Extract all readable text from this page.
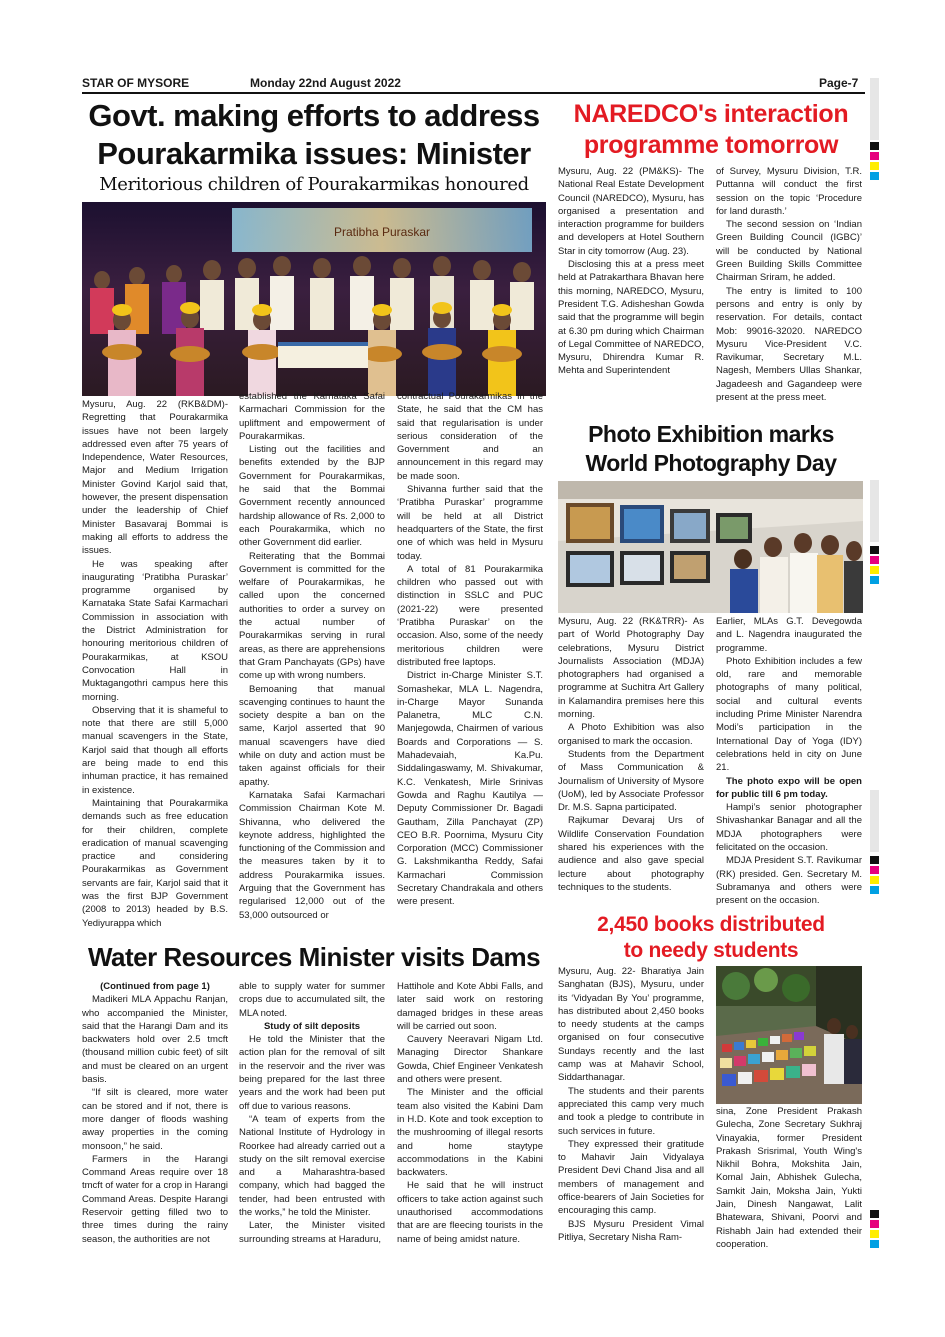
STAR OF MYSORE	Monday 22nd August 2022	Page-7
Govt. making efforts to address
Pourakarmika issues: Minister
Meritorious children of Pourakarmikas honoured
Pratibha Puraskar

Mysuru, Aug. 22 (RKB&DM)- Regretting that Pourakarmika issues have not been largely addressed even after 75 years of Independence, Water Resources, Major and Medium Irrigation Minister Govind Karjol said that, however, the present dispensation under the leadership of Chief Minister Basavaraj Bommai is making all efforts to address the issues.

He was speaking after inaugurating ‘Pratibha Puraskar’ programme organised by Karnataka State Safai Karmachari Commission in association with the District Administration for honouring meritorious children of Pourakarmikas, at KSOU Convocation Hall in Muktagangothri campus here this morning.

Observing that it is shameful to note that there are still 5,000 manual scavengers in the State, Karjol said that though all efforts are being made to end this inhuman practice, it has remained in existence.

Maintaining that Pourakarmika demands such as free education for their children, complete eradication of manual scavenging practice and considering Pourakarmikas as Government servants are fair, Karjol said that it was the first BJP Government (2008 to 2013) headed by B.S. Yediyurappa which

established the Karnataka Safai Karmachari Commission for the upliftment and empowerment of Pourakarmikas.

Listing out the facilities and benefits extended by the BJP Government for Pourakarmikas, he said that the Bommai Government recently announced hardship allowance of Rs. 2,000 to each Pourakarmika, which no other Government did earlier.

Reiterating that the Bommai Government is committed for the welfare of Pourakarmikas, he called upon the concerned authorities to order a survey on the actual number of Pourakarmikas serving in rural areas, as there are apprehensions that Gram Panchayats (GPs) have come up with wrong numbers.

Bemoaning that manual scavenging continues to haunt the society despite a ban on the same, Karjol asserted that 90 manual scavengers have died while on duty and action must be taken against officials for their apathy.

Karnataka Safai Karmachari Commission Chairman Kote M. Shivanna, who delivered the keynote address, highlighted the functioning of the Commission and the measures taken by it to address Pourakarmika issues. Arguing that the Government has regularised 12,000 out of the 53,000 outsourced or

contractual Pourakarmikas in the State, he said that the CM has said that regularisation is under serious consideration of the Government and an announcement in this regard may be made soon.

Shivanna further said that the ‘Pratibha Puraskar’ programme will be held at all District headquarters of the State, the first one of which was held in Mysuru today.

A total of 81 Pourakarmika children who passed out with distinction in SSLC and PUC (2021-22) were presented ‘Pratibha Puraskar’ on the occasion. Also, some of the needy meritorious children were distributed free laptops.

District in-Charge Minister S.T. Somashekar, MLA L. Nagendra, in-Charge Mayor Sunanda Palanetra, MLC C.N. Manjegowda, Chairmen of various Boards and Corporations — S. Mahadevaiah, Ka.Pu. Siddalingaswamy, M. Shivakumar, K.C. Venkatesh, Mirle Srinivas Gowda and Raghu Kautilya —Deputy Commissioner Dr. Bagadi Gautham, Zilla Panchayat (ZP) CEO B.R. Poornima, Mysuru City Corporation (MCC) Commissioner G. Lakshmikantha Reddy, Safai Karmachari Commission Secretary Chandrakala and others were present.

Water Resources Minister visits Dams

(Continued from page 1)

Madikeri MLA Appachu Ranjan, who accompanied the Minister, said that the Harangi Dam and its backwaters hold over 2.5 tmcft (thousand million cubic feet) of silt and must be cleared on an urgent basis.

“If silt is cleared, more water can be stored and if not, there is more danger of floods washing away properties in the coming monsoon,” he said.

Farmers in the Harangi Command Areas require over 18 tmcft of water for a crop in Harangi Command Areas. Despite Harangi Reservoir getting filled two to three times during the rainy season, the authorities are not

able to supply water for summer crops due to accumulated silt, the MLA noted.

Study of silt deposits

He told the Minister that the action plan for the removal of silt in the reservoir and the river was being prepared for the last three years and the work had been put off due to various reasons.

“A team of experts from the National Institute of Hydrology in Roorkee had already carried out a study on the silt removal exercise and a Maharashtra-based company, which had bagged the tender, had been entrusted with the works,” he told the Minister.

Later, the Minister visited surrounding streams at Haraduru,

Hattihole and Kote Abbi Falls, and later said work on restoring damaged bridges in these areas will be carried out soon.

Cauvery Neeravari Nigam Ltd. Managing Director Shankare Gowda, Chief Engineer Venkatesh and others were present.

The Minister and the official team also visited the Kabini Dam in H.D. Kote and took exception to the mushrooming of illegal resorts and home staytype accommodations in the Kabini backwaters.

He said that he will instruct officers to take action against such unauthorised accommodations that are are fleecing tourists in the name of being amidst nature.

NAREDCO's interaction
programme tomorrow

Mysuru, Aug. 22 (PM&KS)- The National Real Estate Development Council (NAREDCO), Mysuru, has organised a presentation and interaction programme for builders and developers at Hotel Southern Star in city tomorrow (Aug. 23).

Disclosing this at a press meet held at Patrakarthara Bhavan here this morning, NAREDCO, Mysuru, President T.G. Adisheshan Gowda said that the programme will begin at 6.30 pm during which Chairman of Legal Committee of NAREDCO, Mysuru, Dhirendra Kumar R. Mehta and Superintendent

of Survey, Mysuru Division, T.R. Puttanna will conduct the first session on the topic ‘Procedure for land durasth.’

The second session on ‘Indian Green Building Council (IGBC)’ will be conducted by National Green Building Skills Committee Chairman Sriram, he added.

The entry is limited to 100 persons and entry is only by reservation. For details, contact Mob: 99016-32020. NAREDCO Mysuru Vice-President V.C. Ravikumar, Secretary M.L. Nagesh, Members Ullas Shankar, Jagadeesh and Gagandeep were present at the press meet.

Photo Exhibition marks
World Photography Day

Mysuru, Aug. 22 (RK&TRR)- As part of World Photography Day celebrations, Mysuru District Journalists Association (MDJA) photographers had organised a programme at Suchitra Art Gallery in Kalamandira premises here this morning.

A Photo Exhibition was also organised to mark the occasion.

Students from the Department of Mass Communication & Journalism of University of Mysore (UoM), led by Associate Professor Dr. M.S. Sapna participated.

Rajkumar Devaraj Urs of Wildlife Conservation Foundation shared his experiences with the audience and also gave special lecture about photography techniques to the students.

Earlier, MLAs G.T. Devegowda and L. Nagendra inaugurated the programme.

Photo Exhibition includes a few old, rare and memorable photographs of many political, social and cultural events including Prime Minister Narendra Modi’s participation in the International Day of Yoga (IDY) celebrations held in city on June 21.

The photo expo will be open for public till 6 pm today.

Hampi’s senior photographer Shivashankar Banagar and all the MDJA photographers were felicitated on the occasion.

MDJA President S.T. Ravikumar (RK) presided. Gen. Secretary M. Subramanya and others were present on the occasion.

2,450 books distributed
to needy students

Mysuru, Aug. 22- Bharatiya Jain Sanghatan (BJS), Mysuru, under its ‘Vidyadan By You’ programme, has distributed about 2,450 books to needy students at the camps organised on four consecutive Sundays recently and the last camp was at Mahavir School, Siddarthanagar.

The students and their parents appreciated this camp very much and took a pledge to contribute in such services in future.

They expressed their gratitude to Mahavir Jain Vidyalaya President Devi Chand Jisa and all members of management and office-bearers of Jain Societies for encouraging this camp.

BJS Mysuru President Vimal Pitliya, Secretary Nisha Ram-

sina, Zone President Prakash Gulecha, Zone Secretary Sukhraj Vinayakia, former President Prakash Srisrimal, Youth Wing's Nikhil Bohra, Mokshita Jain, Komal Jain, Abhishek Gulecha, Samkit Jain, Moksha Jain, Yukti Jain, Dinesh Nangawat, Lalit Bhatewara, Shivani, Poorvi and Rishabh Jain had extended their cooperation.
